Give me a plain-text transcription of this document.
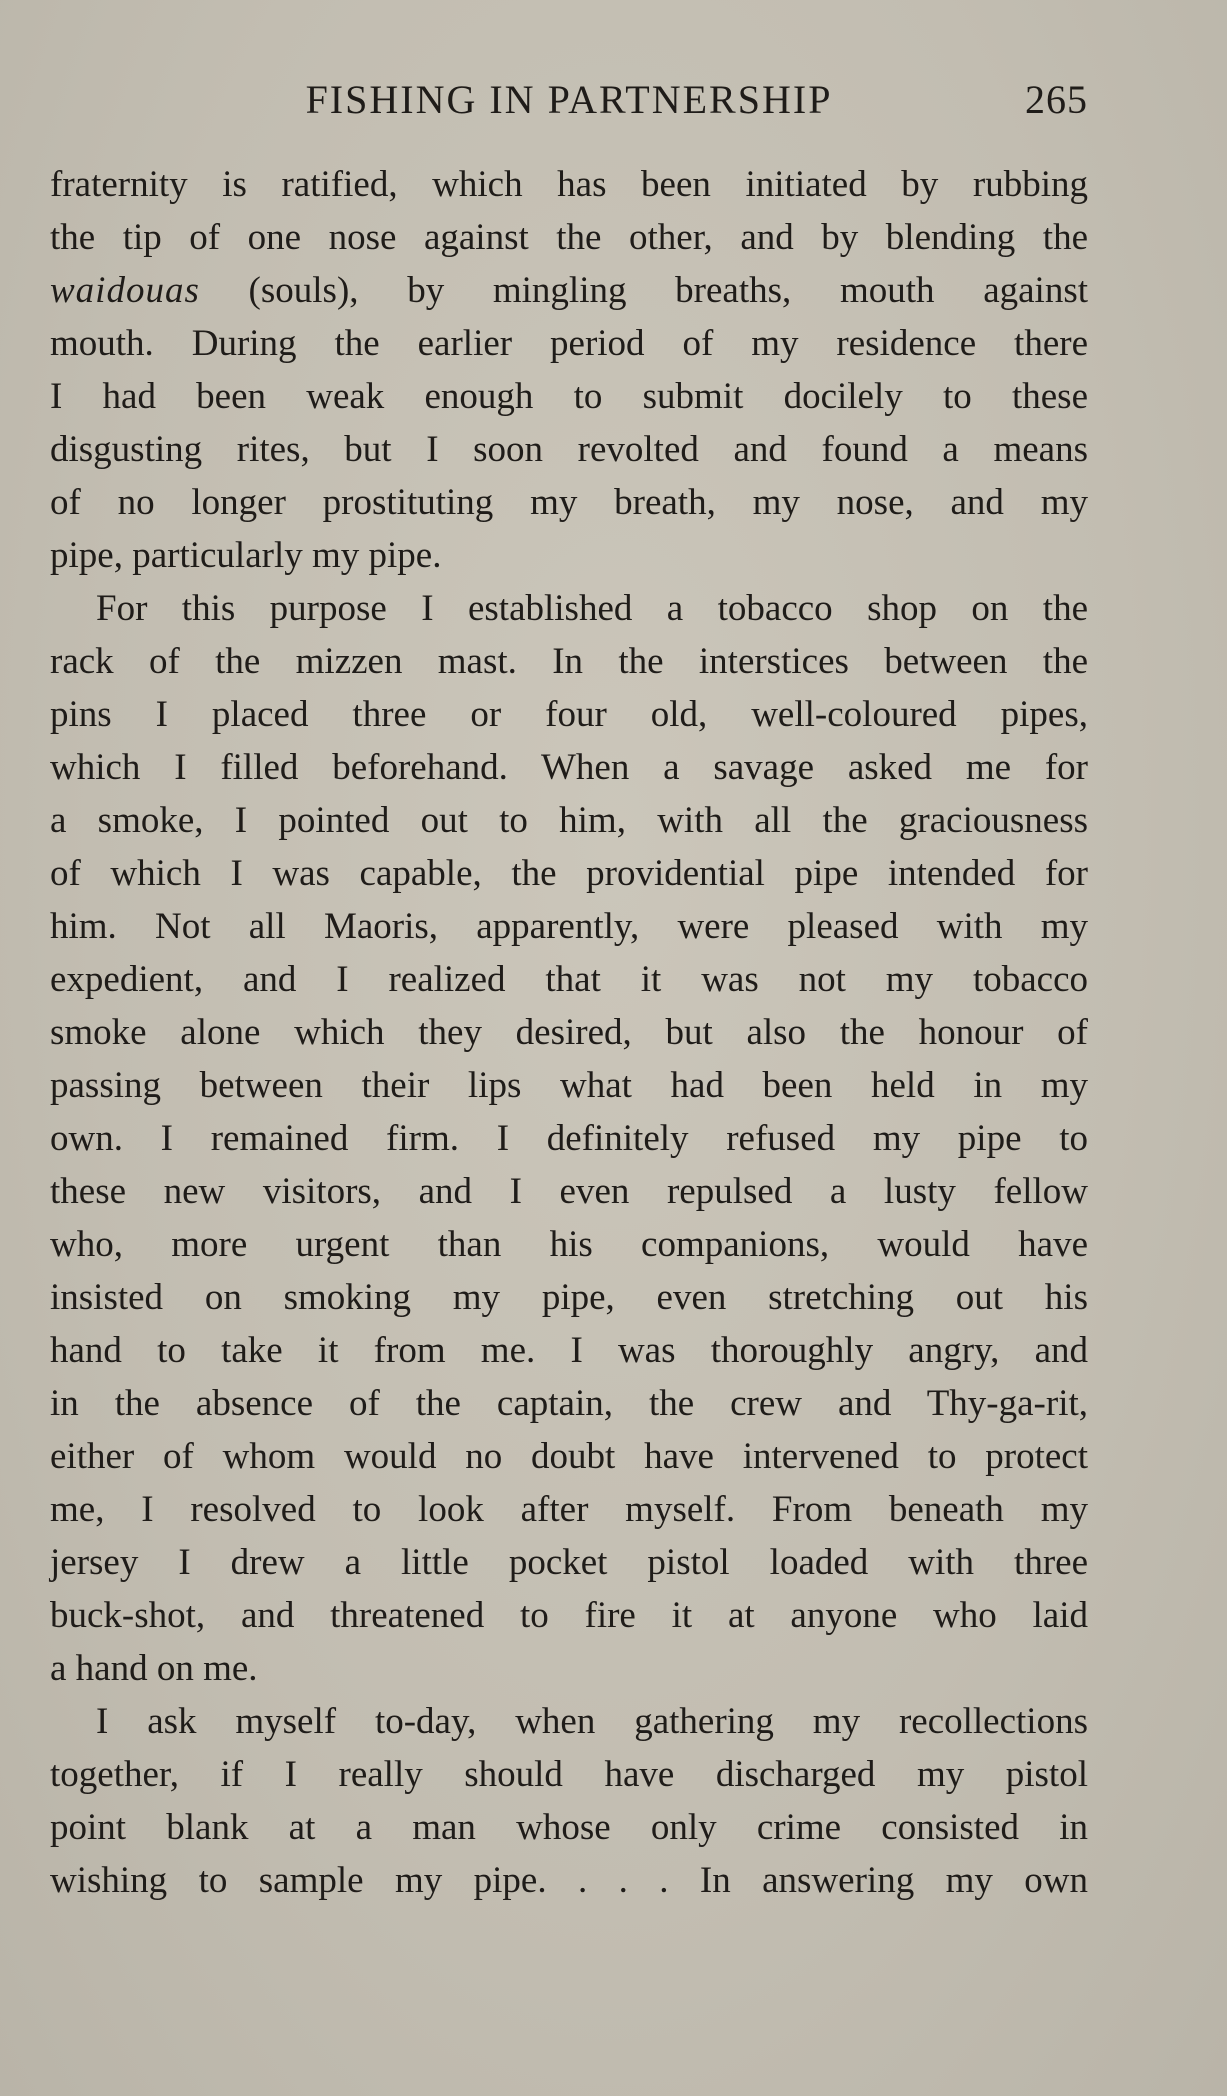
FISHING IN PARTNERSHIP	265
fraternity is ratified, which has been initiated by rubbing
the tip of one nose against the other, and by blending the
waidouas (souls), by mingling breaths, mouth against
mouth. During the earlier period of my residence there
I had been weak enough to submit docilely to these
disgusting rites, but I soon revolted and found a means
of no longer prostituting my breath, my nose, and my
pipe, particularly my pipe.
For this purpose I established a tobacco shop on the
rack of the mizzen mast. In the interstices between the
pins I placed three or four old, well-coloured pipes,
which I filled beforehand. When a savage asked me for
a smoke, I pointed out to him, with all the graciousness
of which I was capable, the providential pipe intended for
him. Not all Maoris, apparently, were pleased with my
expedient, and I realized that it was not my tobacco
smoke alone which they desired, but also the honour of
passing between their lips what had been held in my
own. I remained firm. I definitely refused my pipe to
these new visitors, and I even repulsed a lusty fellow
who, more urgent than his companions, would have
insisted on smoking my pipe, even stretching out his
hand to take it from me. I was thoroughly angry, and
in the absence of the captain, the crew and Thy-ga-rit,
either of whom would no doubt have intervened to protect
me, I resolved to look after myself. From beneath my
jersey I drew a little pocket pistol loaded with three
buck-shot, and threatened to fire it at anyone who laid
a hand on me.
I ask myself to-day, when gathering my recollections
together, if I really should have discharged my pistol
point blank at a man whose only crime consisted in
wishing to sample my pipe. . . . In answering my own
